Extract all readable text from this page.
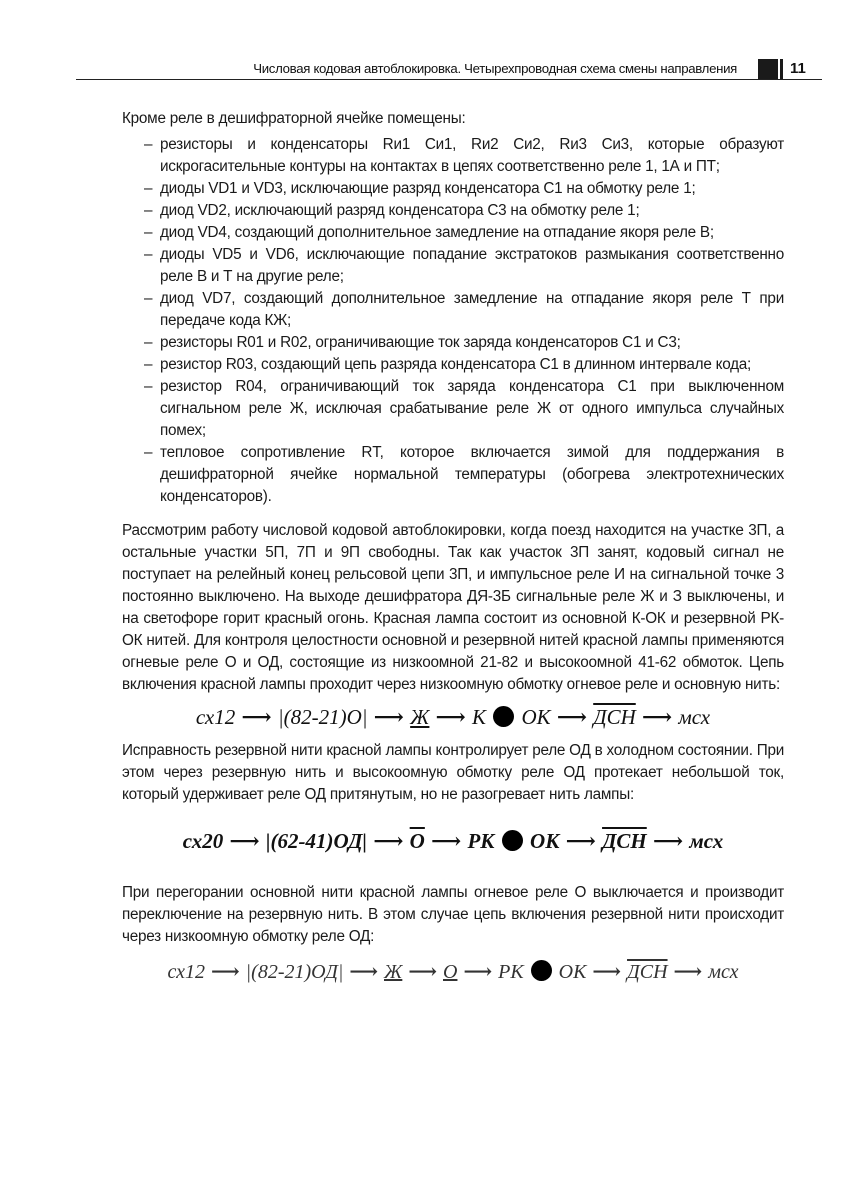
Числовая кодовая автоблокировка. Четырехпроводная схема смены направления	11

Кроме реле в дешифраторной ячейке помещены:

– резисторы и конденсаторы Rи1 Cи1, Rи2 Cи2, Rи3 Cи3, которые образуют искрогасительные контуры на контактах в цепях соответственно реле 1, 1А и ПТ;
– диоды VD1 и VD3, исключающие разряд конденсатора С1 на обмотку реле 1;
– диод VD2, исключающий разряд конденсатора С3 на обмотку реле 1;
– диод VD4, создающий дополнительное замедление на отпадание якоря реле В;
– диоды VD5 и VD6, исключающие попадание экстратоков размыкания соответственно реле В и Т на другие реле;
– диод VD7, создающий дополнительное замедление на отпадание якоря реле Т при передаче кода КЖ;
– резисторы R01 и R02, ограничивающие ток заряда конденсаторов С1 и С3;
– резистор R03, создающий цепь разряда конденсатора С1 в длинном интервале кода;
– резистор R04, ограничивающий ток заряда конденсатора С1 при выключенном сигнальном реле Ж, исключая срабатывание реле Ж от одного импульса случайных помех;
– тепловое сопротивление RТ, которое включается зимой для поддержания в дешифраторной ячейке нормальной температуры (обогрева электротехнических конденсаторов).

Рассмотрим работу числовой кодовой автоблокировки, когда поезд находится на участке 3П, а остальные участки 5П, 7П и 9П свободны. Так как участок 3П занят, кодовый сигнал не поступает на релейный конец рельсовой цепи 3П, и импульсное реле И на сигнальной точке 3 постоянно выключено. На выходе дешифратора ДЯ-3Б сигнальные реле Ж и З выключены, и на светофоре горит красный огонь. Красная лампа состоит из основной К-ОК и резервной РК-ОК нитей. Для контроля целостности основной и резервной нитей красной лампы применяются огневые реле О и ОД, состоящие из низкоомной 21-82 и высокоомной 41-62 обмоток. Цепь включения красной лампы проходит через низкоомную обмотку огневое реле и основную нить:

сх12 ⟶ |(82-21)О| ⟶ Ж ⟶ К ОК ⟶ ДСН ⟶ мсх

Исправность резервной нити красной лампы контролирует реле ОД в холодном состоянии. При этом через резервную нить и высокоомную обмотку реле ОД протекает небольшой ток, который удерживает реле ОД притянутым, но не разогревает нить лампы:

сх20 ⟶ |(62-41)ОД| ⟶ О ⟶ РК ОК ⟶ ДСН ⟶ мсх

При перегорании основной нити красной лампы огневое реле О выключается и производит переключение на резервную нить. В этом случае цепь включения резервной нити происходит через низкоомную обмотку реле ОД:

сх12 ⟶ |(82-21)ОД| ⟶ Ж ⟶ О ⟶ РК ОК ⟶ ДСН ⟶ мсх
